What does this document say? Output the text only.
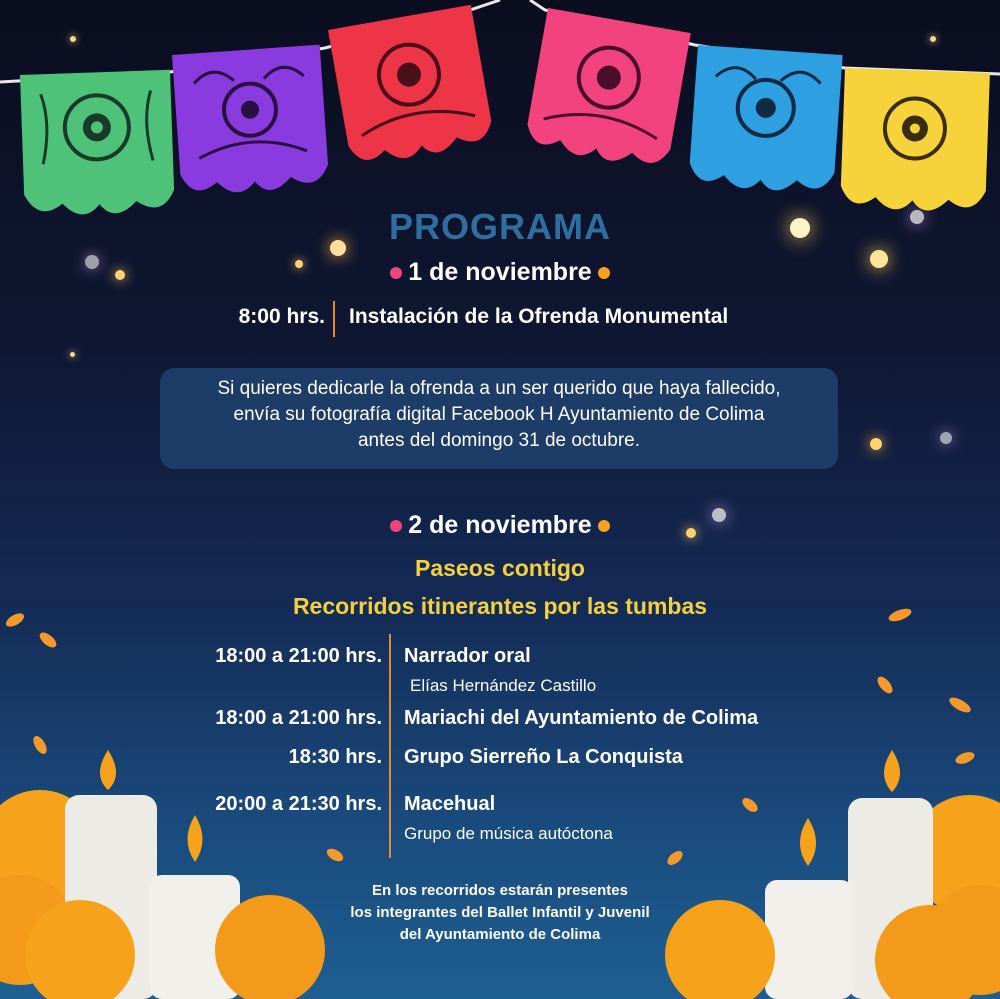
PROGRAMA
1 de noviembre
8:00 hrs. Instalación de la Ofrenda Monumental
Si quieres dedicarle la ofrenda a un ser querido que haya fallecido,
envía su fotografía digital Facebook H Ayuntamiento de Colima
antes del domingo 31 de octubre.
2 de noviembre
Paseos contigo
Recorridos itinerantes por las tumbas
18:00 a 21:00 hrs. Narrador oral
Elías Hernández Castillo
18:00 a 21:00 hrs. Mariachi del Ayuntamiento de Colima
18:30 hrs. Grupo Sierreño La Conquista
20:00 a 21:30 hrs. Macehual
Grupo de música autóctona
En los recorridos estarán presentes
los integrantes del Ballet Infantil y Juvenil
del Ayuntamiento de Colima
